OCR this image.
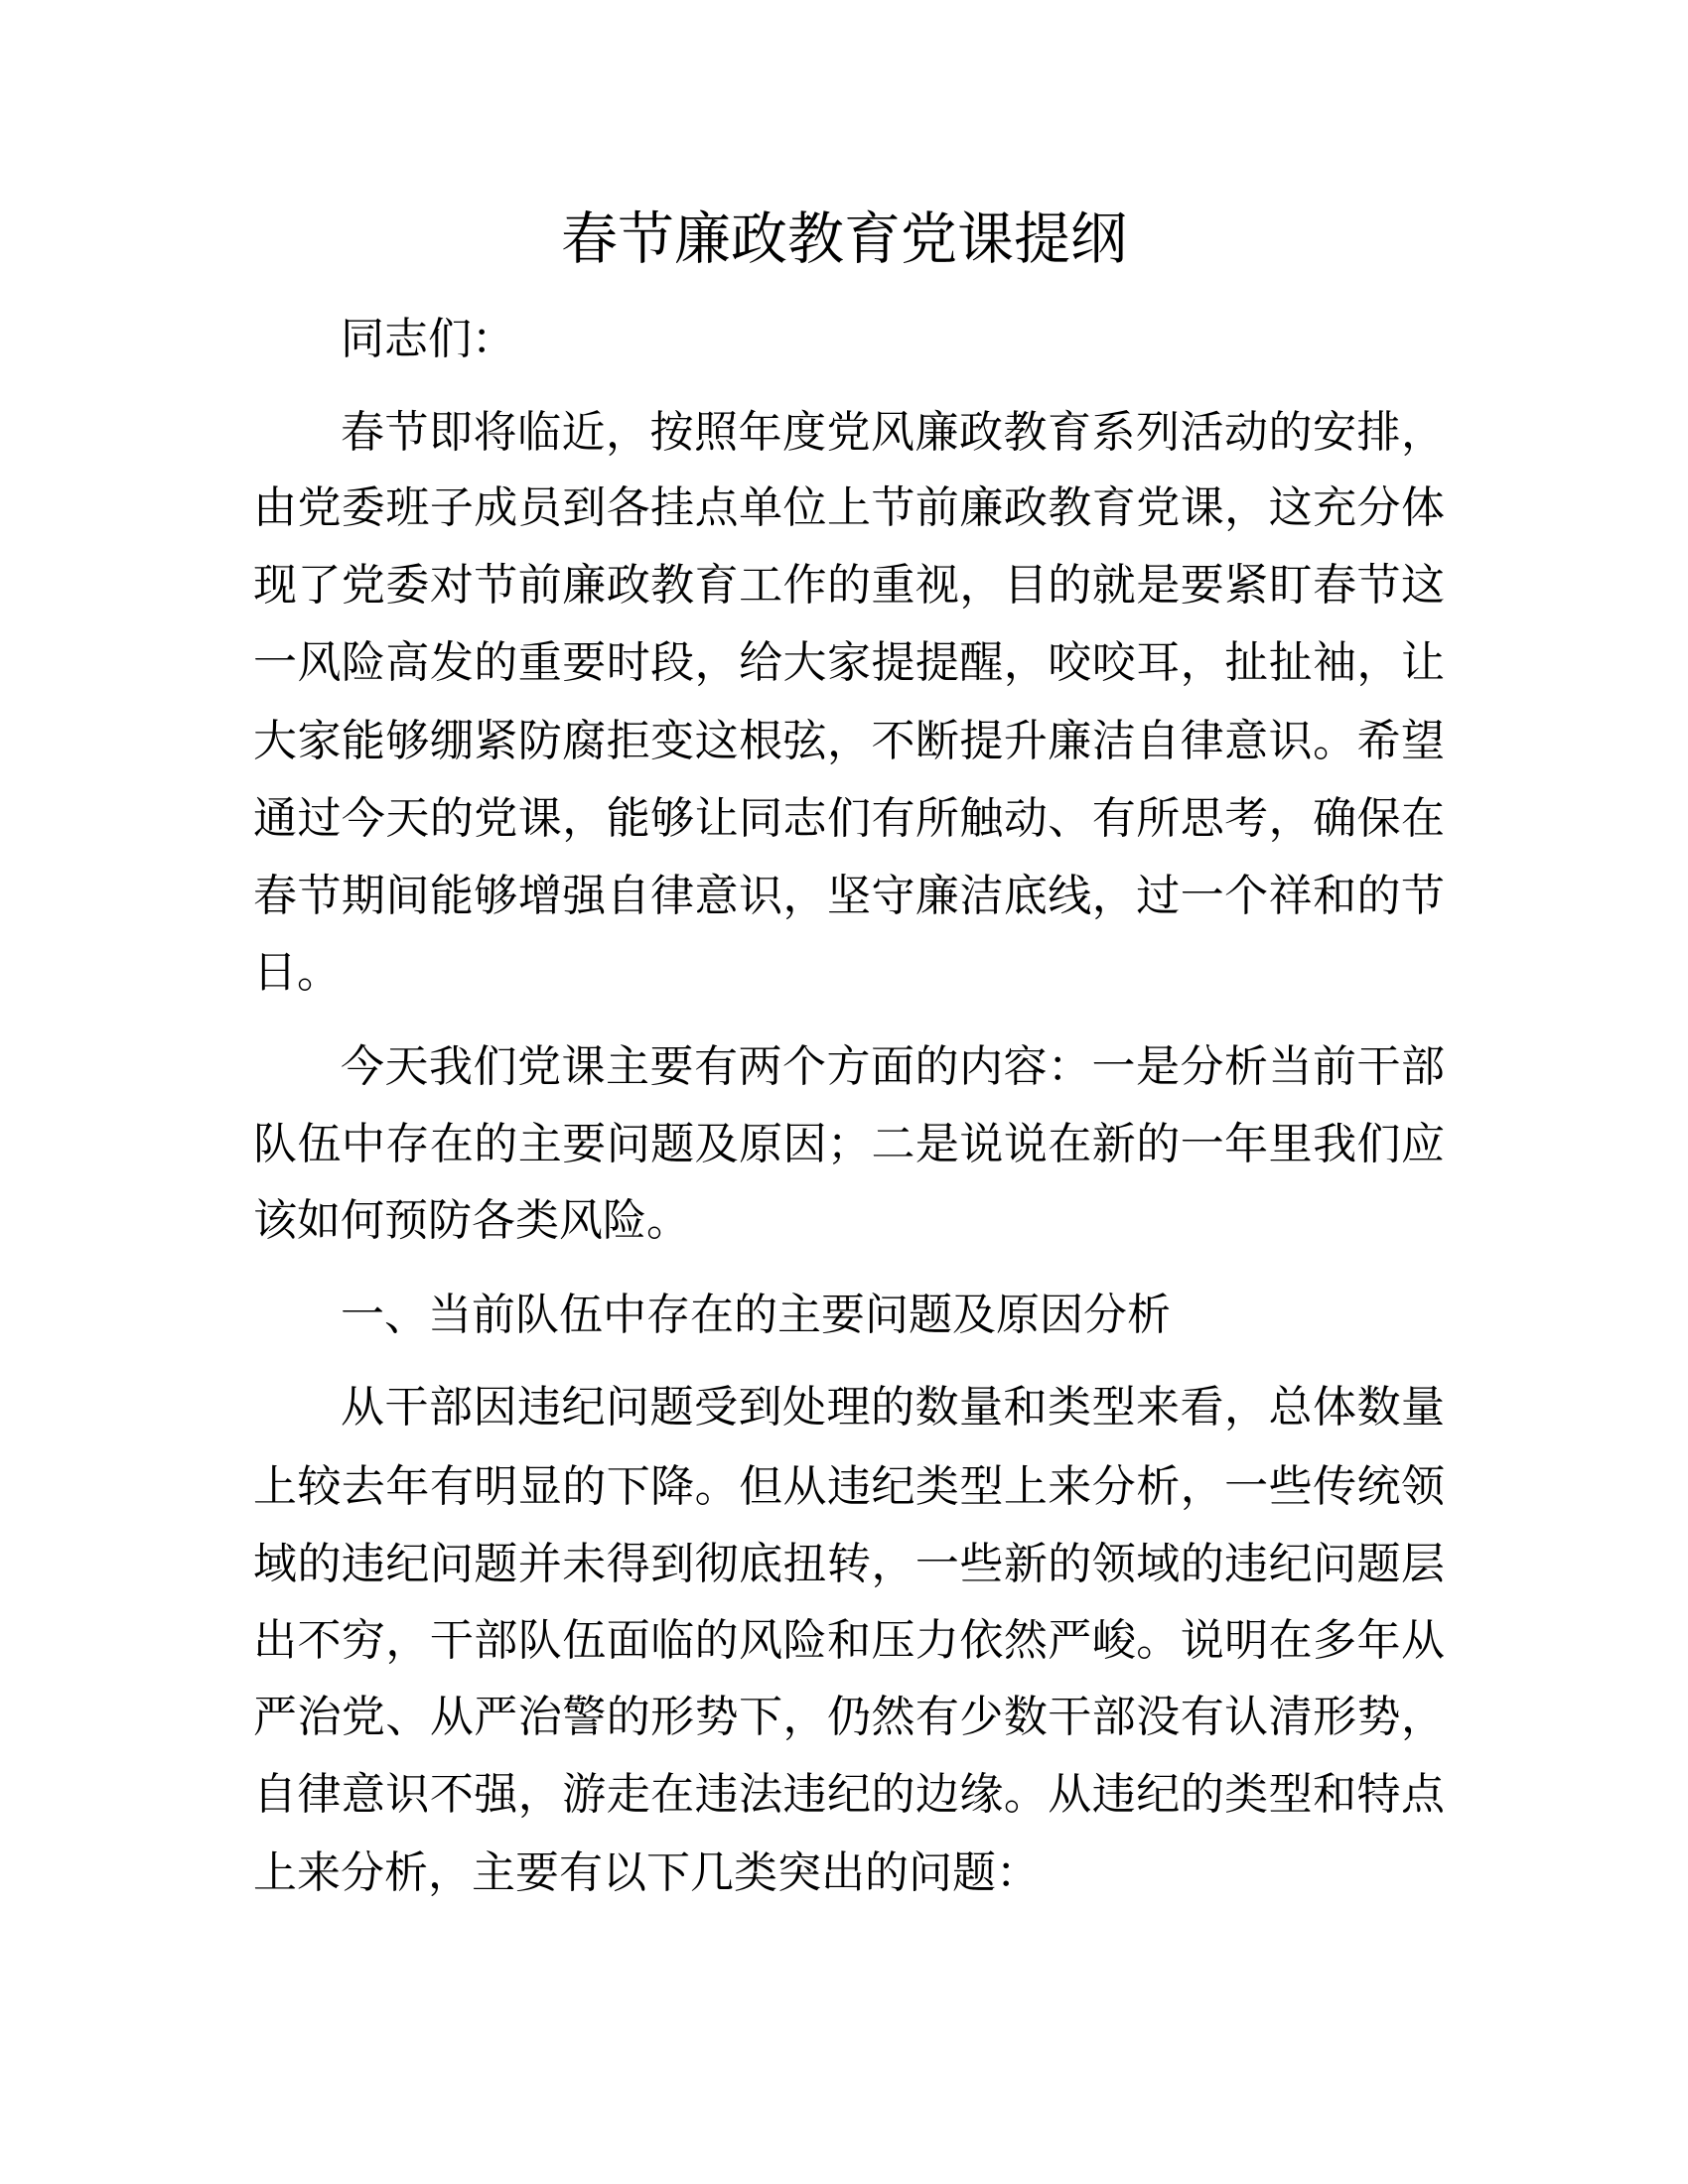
春节廉政教育党课提纲
同志们：
春节即将临近，按照年度党风廉政教育系列活动的安排，
由党委班子成员到各挂点单位上节前廉政教育党课，这充分体
现了党委对节前廉政教育工作的重视，目的就是要紧盯春节这
一风险高发的重要时段，给大家提提醒，咬咬耳，扯扯袖，让
大家能够绷紧防腐拒变这根弦，不断提升廉洁自律意识。希望
通过今天的党课，能够让同志们有所触动、有所思考，确保在
春节期间能够增强自律意识，坚守廉洁底线，过一个祥和的节
日。
今天我们党课主要有两个方面的内容：一是分析当前干部
队伍中存在的主要问题及原因；二是说说在新的一年里我们应
该如何预防各类风险。
一、当前队伍中存在的主要问题及原因分析
从干部因违纪问题受到处理的数量和类型来看，总体数量
上较去年有明显的下降。但从违纪类型上来分析，一些传统领
域的违纪问题并未得到彻底扭转，一些新的领域的违纪问题层
出不穷，干部队伍面临的风险和压力依然严峻。说明在多年从
严治党、从严治警的形势下，仍然有少数干部没有认清形势，
自律意识不强，游走在违法违纪的边缘。从违纪的类型和特点
上来分析，主要有以下几类突出的问题：
